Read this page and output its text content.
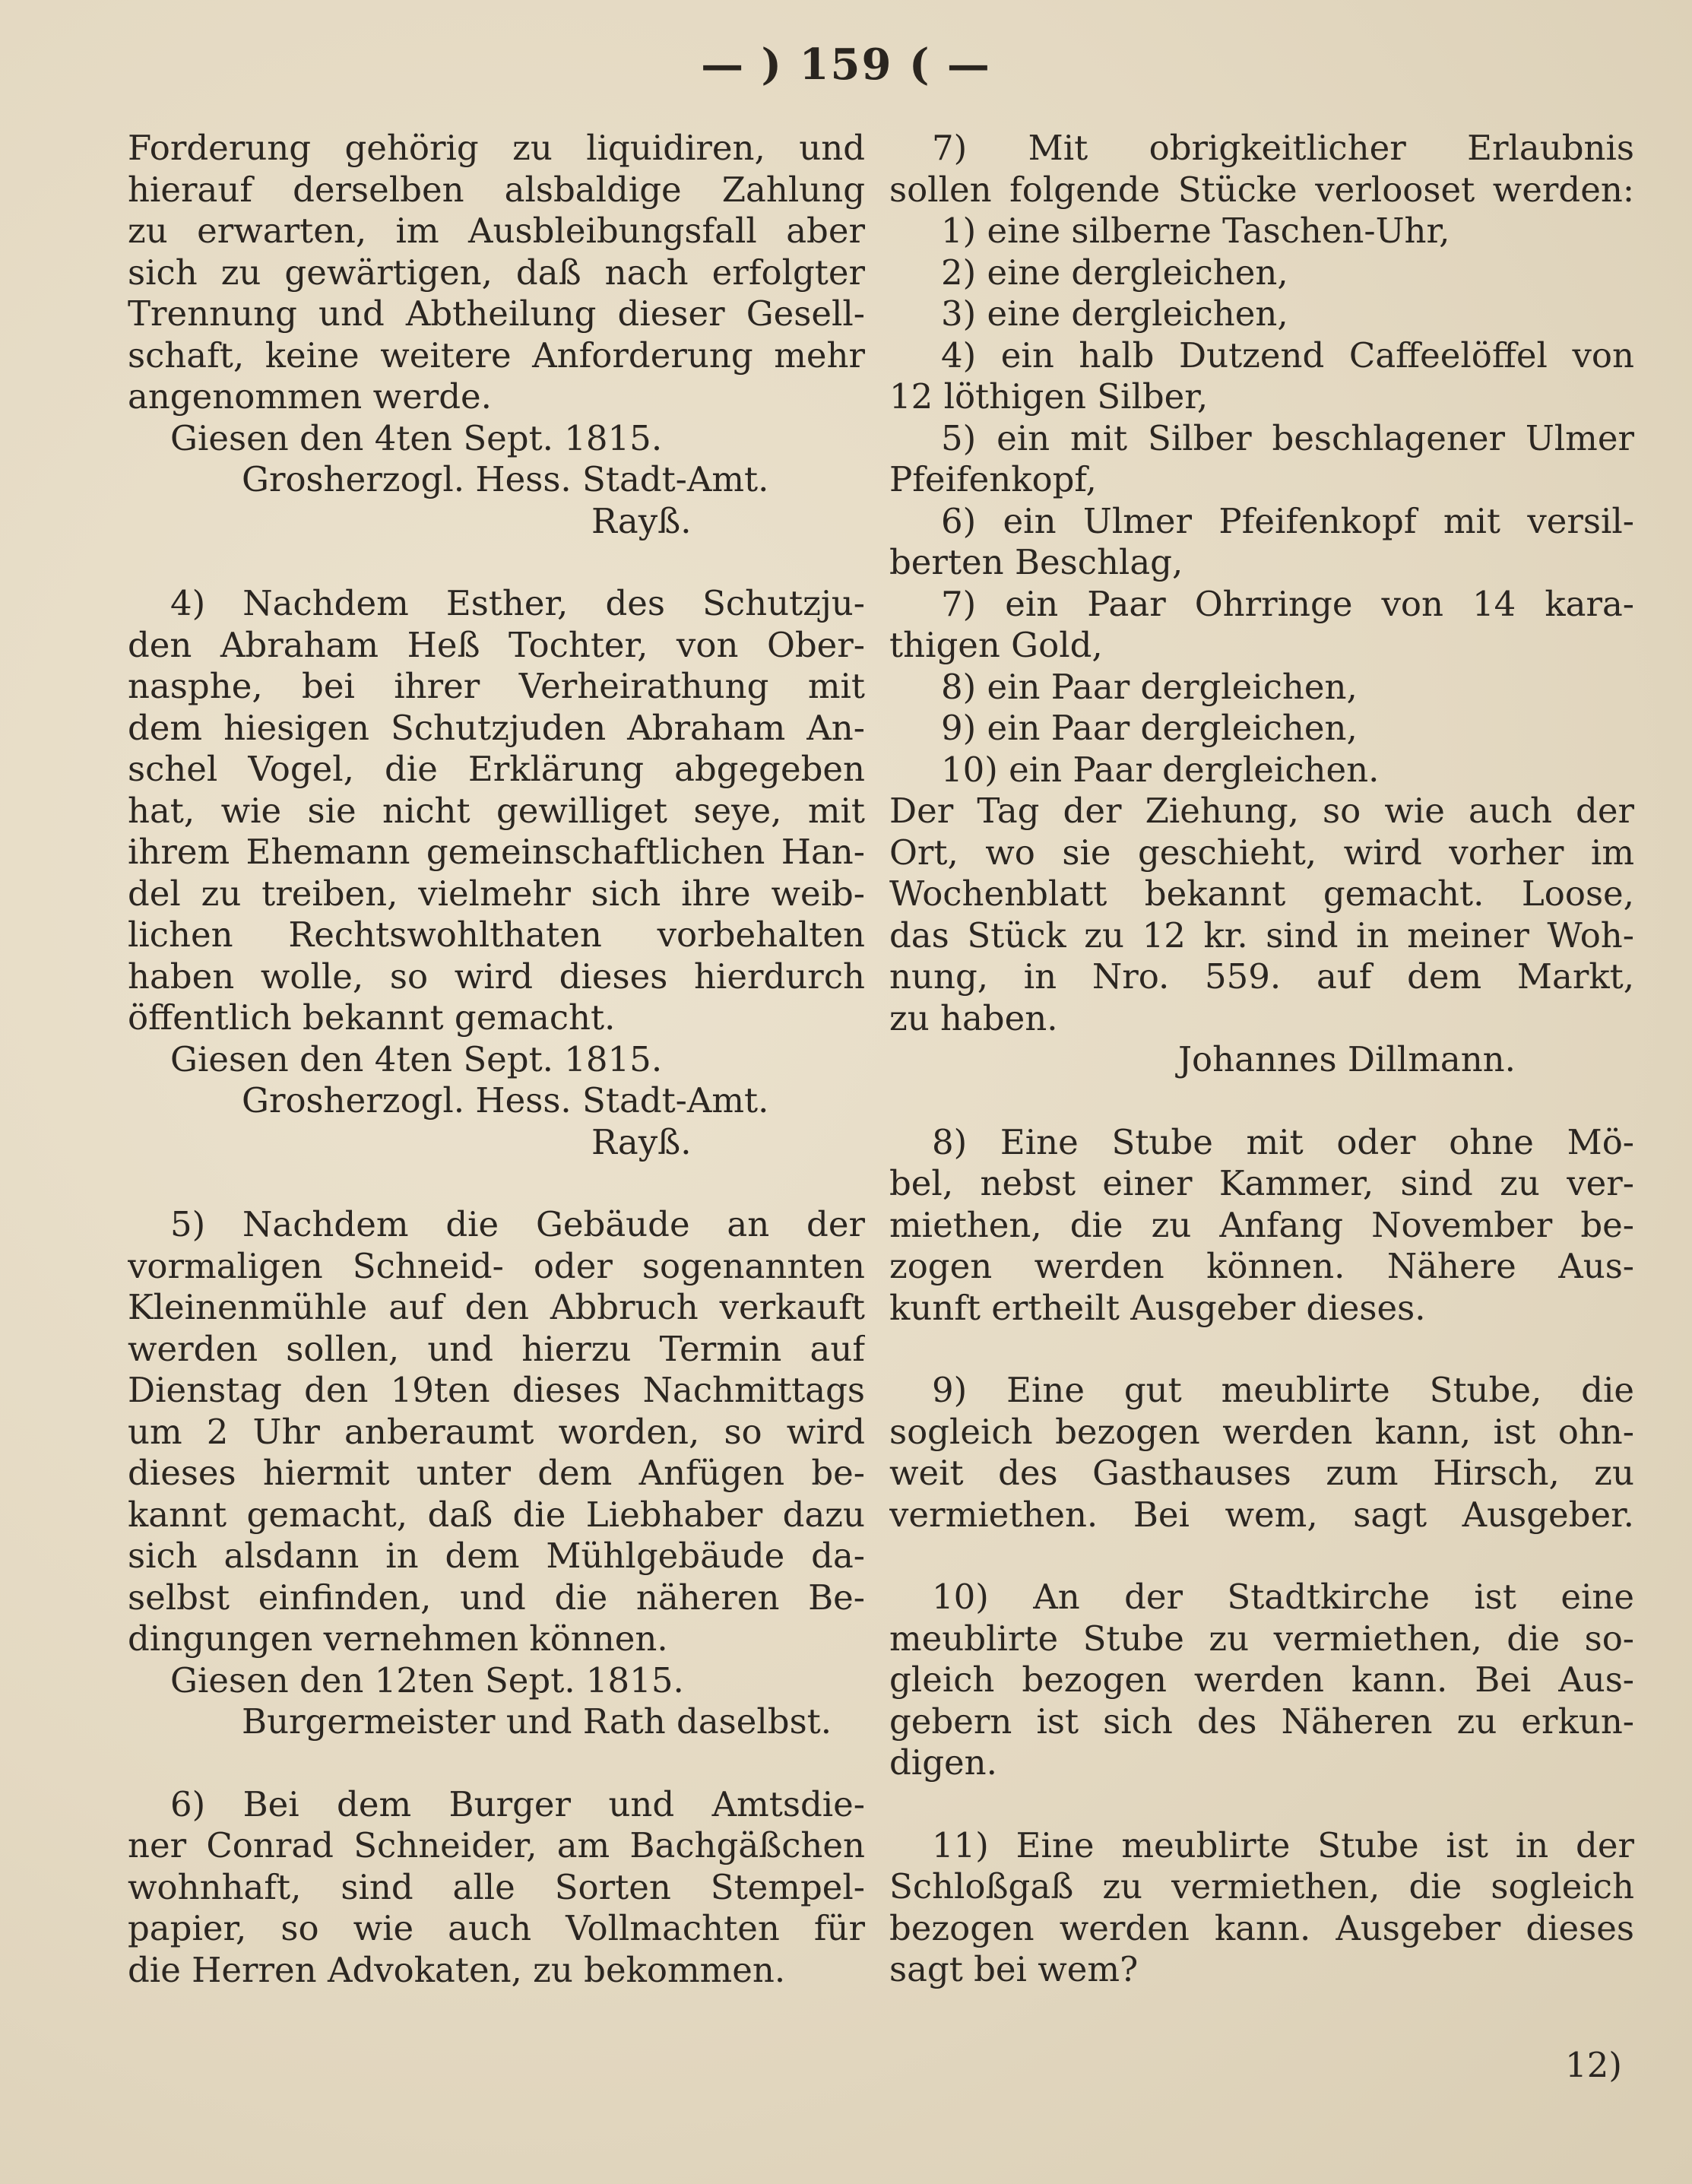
— ) 159 ( —
Forderung gehörig zu liquidiren, und
hierauf derselben alsbaldige Zahlung
zu erwarten, im Ausbleibungsfall aber
sich zu gewärtigen, daß nach erfolgter
Trennung und Abtheilung dieser Gesell-
schaft, keine weitere Anforderung mehr
angenommen werde.
Giesen den 4ten Sept. 1815.
Grosherzogl. Hess. Stadt-Amt.
Rayß.
4) Nachdem Esther, des Schutzju-
den Abraham Heß Tochter, von Ober-
nasphe, bei ihrer Verheirathung mit
dem hiesigen Schutzjuden Abraham An-
schel Vogel, die Erklärung abgegeben
hat, wie sie nicht gewilliget seye, mit
ihrem Ehemann gemeinschaftlichen Han-
del zu treiben, vielmehr sich ihre weib-
lichen Rechtswohlthaten vorbehalten
haben wolle, so wird dieses hierdurch
öffentlich bekannt gemacht.
Giesen den 4ten Sept. 1815.
Grosherzogl. Hess. Stadt-Amt.
Rayß.
5) Nachdem die Gebäude an der
vormaligen Schneid- oder sogenannten
Kleinenmühle auf den Abbruch verkauft
werden sollen, und hierzu Termin auf
Dienstag den 19ten dieses Nachmittags
um 2 Uhr anberaumt worden, so wird
dieses hiermit unter dem Anfügen be-
kannt gemacht, daß die Liebhaber dazu
sich alsdann in dem Mühlgebäude da-
selbst einfinden, und die näheren Be-
dingungen vernehmen können.
Giesen den 12ten Sept. 1815.
Burgermeister und Rath daselbst.
6) Bei dem Burger und Amtsdie-
ner Conrad Schneider, am Bachgäßchen
wohnhaft, sind alle Sorten Stempel-
papier, so wie auch Vollmachten für
die Herren Advokaten, zu bekommen.
7) Mit obrigkeitlicher Erlaubnis
sollen folgende Stücke verlooset werden:
1) eine silberne Taschen-Uhr,
2) eine dergleichen,
3) eine dergleichen,
4) ein halb Dutzend Caffeelöffel von
12 löthigen Silber,
5) ein mit Silber beschlagener Ulmer
Pfeifenkopf,
6) ein Ulmer Pfeifenkopf mit versil-
berten Beschlag,
7) ein Paar Ohrringe von 14 kara-
thigen Gold,
8) ein Paar dergleichen,
9) ein Paar dergleichen,
10) ein Paar dergleichen.
Der Tag der Ziehung, so wie auch der
Ort, wo sie geschieht, wird vorher im
Wochenblatt bekannt gemacht. Loose,
das Stück zu 12 kr. sind in meiner Woh-
nung, in Nro. 559. auf dem Markt,
zu haben.
Johannes Dillmann.
8) Eine Stube mit oder ohne Mö-
bel, nebst einer Kammer, sind zu ver-
miethen, die zu Anfang November be-
zogen werden können. Nähere Aus-
kunft ertheilt Ausgeber dieses.
9) Eine gut meublirte Stube, die
sogleich bezogen werden kann, ist ohn-
weit des Gasthauses zum Hirsch, zu
vermiethen. Bei wem, sagt Ausgeber.
10) An der Stadtkirche ist eine
meublirte Stube zu vermiethen, die so-
gleich bezogen werden kann. Bei Aus-
gebern ist sich des Näheren zu erkun-
digen.
11) Eine meublirte Stube ist in der
Schloßgaß zu vermiethen, die sogleich
bezogen werden kann. Ausgeber dieses
sagt bei wem?
12)
